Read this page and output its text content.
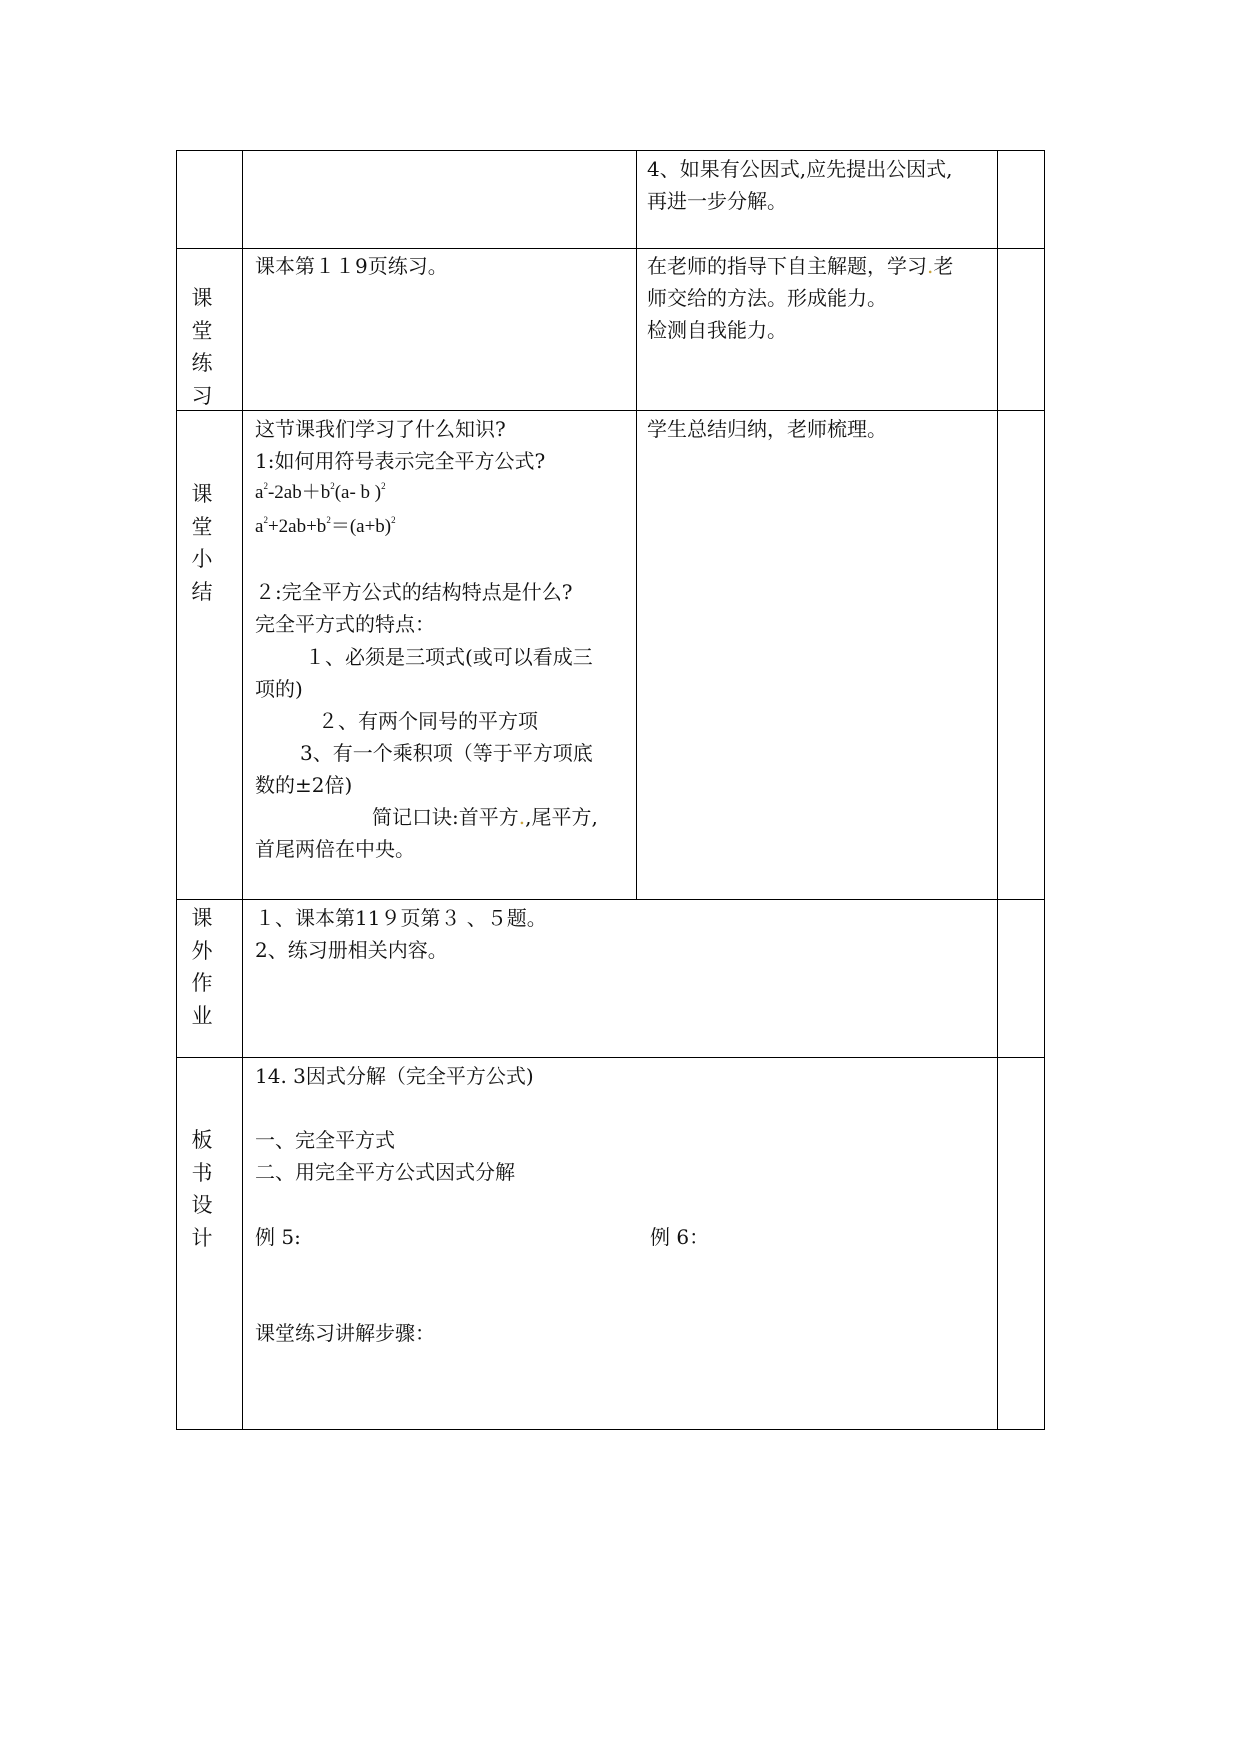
4、如果有公因式,应先提出公因式,
再进一步分解。
课
堂
练
习
课本第１１9页练习。	在老师的指导下自主解题，学习.老
师交给的方法。形成能力。
检测自我能力。
课
堂
小
结
这节课我们学习了什么知识?
1:如何用符号表示完全平方公式?
$a^2-2ab+b^2(a-$ b )$^2$
$a^2+2ab+b^2=(a+b)^2$
２:完全平方公式的结构特点是什么?
完全平方式的特点：
１、必须是三项式(或可以看成三
项的)
２、有两个同号的平方项
3、有一个乘积项（等于平方项底
数的±2倍)
简记口诀:首平方.,尾平方,
首尾两倍在中央。
学生总结归纳，老师梳理。
课
外
作
业
１、课本第11９页第３ 、５题。
2、练习册相关内容。
板
书
设
计
14. 3因式分解（完全平方公式)
一、完全平方式
二、用完全平方公式因式分解
例 5:	例 6：
课堂练习讲解步骤：
